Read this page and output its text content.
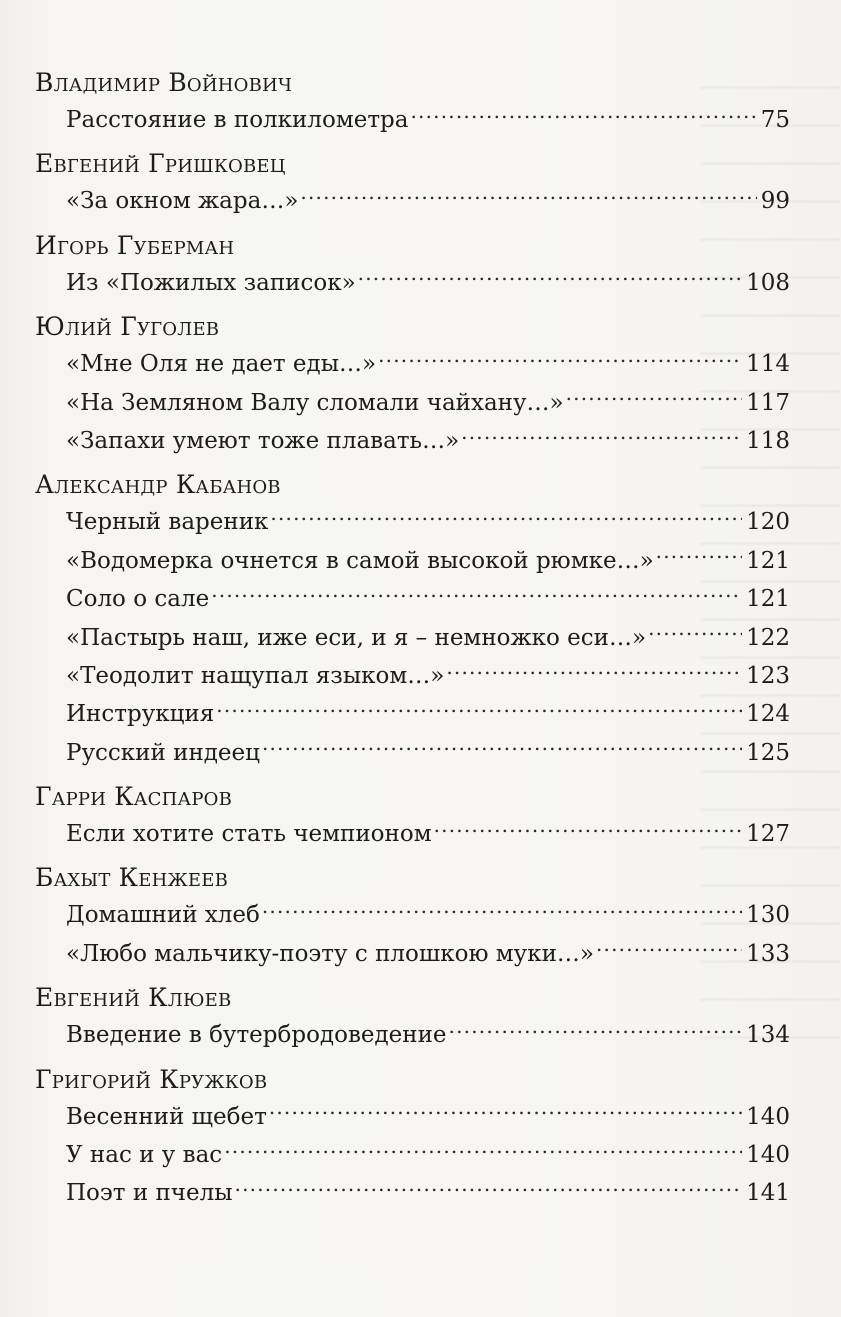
Владимир Войнович
Расстояние в полкилометра .....	75
Евгений Гришковец
«За окном жара…» .....	99
Игорь Губерман
Из «Пожилых записок» .....	108
Юлий Гуголев
«Мне Оля не дает еды…» .....	114
«На Земляном Валу сломали чайхану…» .....	117
«Запахи умеют тоже плавать…» .....	118
Александр Кабанов
Черный вареник .....	120
«Водомерка очнется в самой высокой рюмке…» .....	121
Соло о сале .....	121
«Пастырь наш, иже еси, и я – немножко еси…» .....	122
«Теодолит нащупал языком…» .....	123
Инструкция .....	124
Русский индеец .....	125
Гарри Каспаров
Если хотите стать чемпионом .....	127
Бахыт Кенжеев
Домашний хлеб .....	130
«Любо мальчику-поэту с плошкою муки…» .....	133
Евгений Клюев
Введение в бутербродоведение .....	134
Григорий Кружков
Весенний щебет .....	140
У нас и у вас .....	140
Поэт и пчелы .....	141
